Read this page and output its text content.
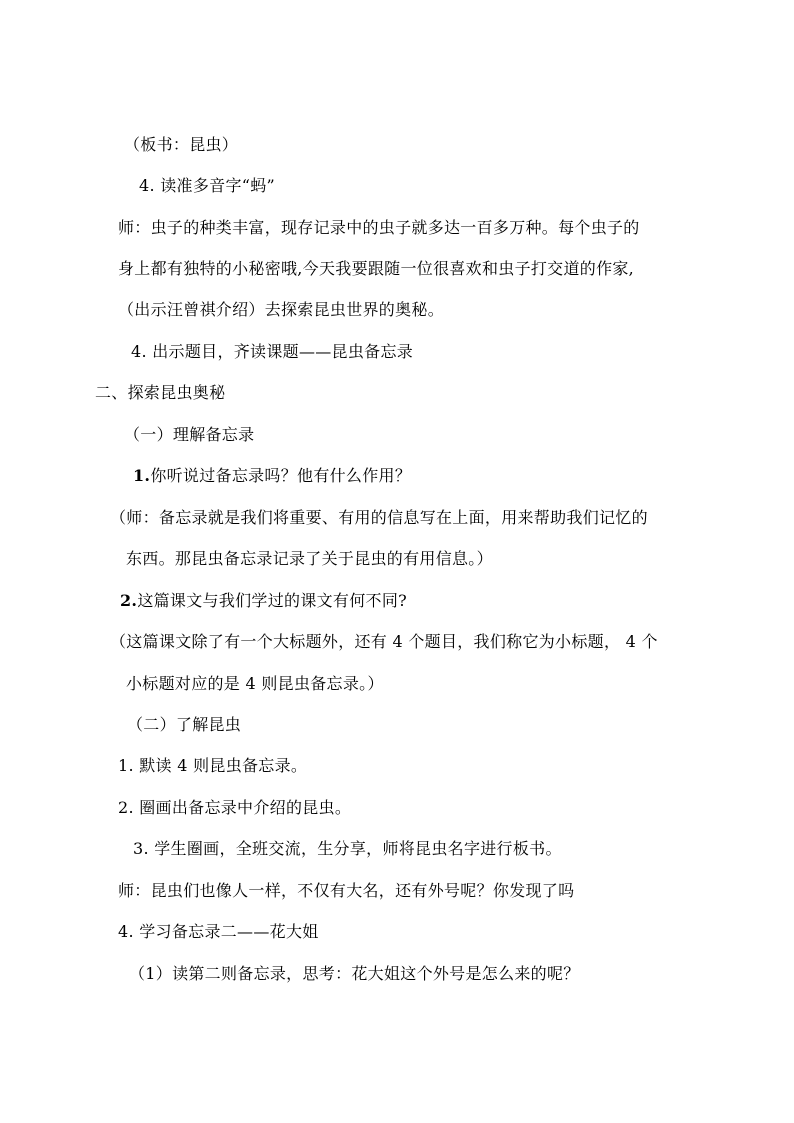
（板书：昆虫）
4. 读准多音字“蚂”
师：虫子的种类丰富，现存记录中的虫子就多达一百多万种。每个虫子的
身上都有独特的小秘密哦,今天我要跟随一位很喜欢和虫子打交道的作家,
（出示汪曾祺介绍）去探索昆虫世界的奥秘。
4. 出示题目，齐读课题——昆虫备忘录
二、探索昆虫奥秘
（一）理解备忘录
1.你听说过备忘录吗？他有什么作用？
（师：备忘录就是我们将重要、有用的信息写在上面，用来帮助我们记忆的
东西。那昆虫备忘录记录了关于昆虫的有用信息。）
2.这篇课文与我们学过的课文有何不同?
（这篇课文除了有一个大标题外，还有 4 个题目，我们称它为小标题， 4 个
小标题对应的是 4 则昆虫备忘录。）
（二）了解昆虫
1. 默读 4 则昆虫备忘录。
2. 圈画出备忘录中介绍的昆虫。
3. 学生圈画，全班交流，生分享，师将昆虫名字进行板书。
师：昆虫们也像人一样，不仅有大名，还有外号呢？你发现了吗
4. 学习备忘录二——花大姐
（1）读第二则备忘录，思考：花大姐这个外号是怎么来的呢？
